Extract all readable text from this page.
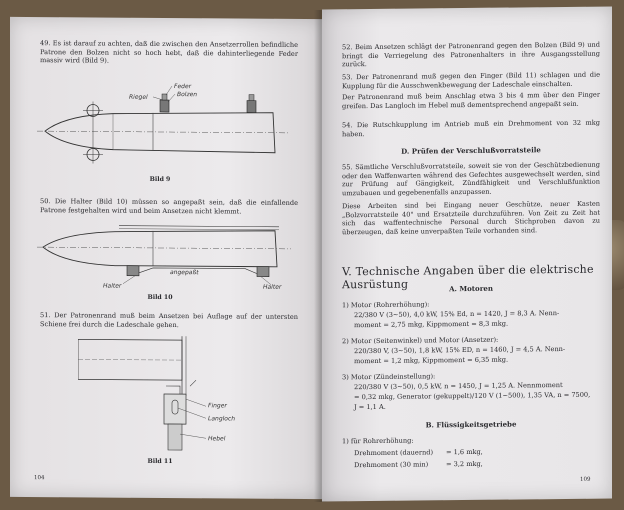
49. Es ist darauf zu achten, daß die zwischen den Ansetzerrollen befindliche Patrone den Bolzen nicht so hoch hebt, daß die dahinterliegende Feder massiv wird (Bild 9).

Riegel
Feder
Bolzen
Bild 9

50. Die Halter (Bild 10) müssen so angepaßt sein, daß die einfallende Patrone festgehalten wird und beim Ansetzen nicht klemmt.

angepaßt
Halter	Halter
Bild 10

51. Der Patronenrand muß beim Ansetzen bei Auflage auf der untersten Schiene frei durch die Ladeschale gehen.

Finger
Langloch
Hebel
Bild 11
104

52. Beim Ansetzen schlägt der Patronenrand gegen den Bolzen (Bild 9) und bringt die Verriegelung des Patronenhalters in ihre Ausgangsstellung zurück.

53. Der Patronenrand muß gegen den Finger (Bild 11) schlagen und die Kupplung für die Ausschwenkbewegung der Ladeschale einschalten.

Der Patronenrand muß beim Anschlag etwa 3 bis 4 mm über den Finger greifen. Das Langloch im Hebel muß dementsprechend angepaßt sein.

54. Die Rutschkupplung im Antrieb muß ein Drehmoment von 32 mkg haben.

D. Prüfen der Verschlußvorratsteile

55. Sämtliche Verschlußvorratsteile, soweit sie von der Geschützbedienung oder den Waffenwarten während des Gefechtes ausgewechselt werden, sind zur Prüfung auf Gängigkeit, Zündfähigkeit und Verschlußfunktion umzubauen und gegebenenfalls anzupassen.

Diese Arbeiten sind bei Eingang neuer Geschütze, neuer Kasten „Bolzvorratsteile 40" und Ersatzteile durchzuführen. Von Zeit zu Zeit hat sich das waffentechnische Personal durch Stichproben davon zu überzeugen, daß keine unverpaßten Teile vorhanden sind.

V. Technische Angaben über die elektrische Ausrüstung	A. Motoren
1) Motor (Rohrerhöhung):
22/380 V (3~50), 4,0 kW, 15% Ed, n = 1420, J = 8,3 A. Nenn-
moment = 2,75 mkg, Kippmoment = 8,3 mkg.
2) Motor (Seitenwinkel) und Motor (Ansetzer):
220/380 V, (3~50), 1,8 kW, 15% ED, n = 1460, J = 4,5 A. Nenn-
moment = 1,2 mkg, Kippmoment = 6,35 mkg.
3) Motor (Zündeinstellung):
220/380 V (3~50), 0,5 kW, n = 1450, J = 1,25 A. Nennmoment
= 0,32 mkg, Generator (gekuppelt)/120 V (1~500), 1,35 VA, n = 7500,
J = 1,1 A.
B. Flüssigkeitsgetriebe
1) für Rohrerhöhung:
Drehmoment (dauernd) = 1,6 mkg,
Drehmoment (30 min)	= 3,2 mkg,
109
